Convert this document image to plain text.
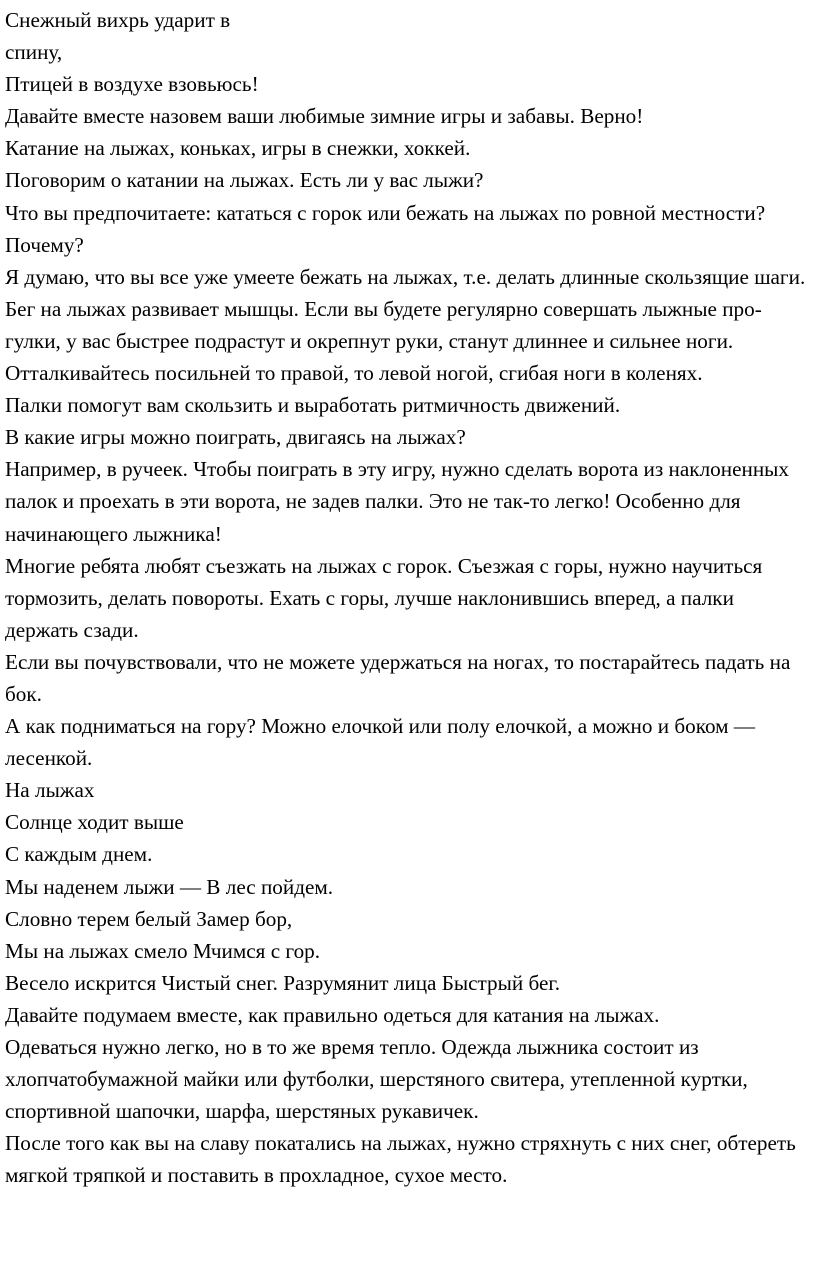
Снежный вихрь ударит в

спину,

Птицей в воздухе взовьюсь!

Давайте вместе назовем ваши любимые зимние игры и забавы. Верно!

Катание на лыжах, коньках, игры в снежки, хоккей.

Поговорим о катании на лыжах. Есть ли у вас лыжи?

Что вы предпочитаете: кататься с горок или бежать на лыжах по ровной местности? Почему?

Я думаю, что вы все уже умеете бежать на лыжах, т.е. делать длинные скользящие шаги. Бег на лыжах развивает мышцы. Если вы будете регулярно совершать лыжные про-

гулки, у вас быстрее подрастут и окрепнут руки, станут длиннее и сильнее ноги.

Отталкивайтесь посильней то правой, то левой ногой, сгибая ноги в коленях.

Палки помогут вам скользить и выработать ритмичность движений.

В какие игры можно поиграть, двигаясь на лыжах?

Например, в ручеек. Чтобы поиграть в эту игру, нужно сделать ворота из наклоненных палок и проехать в эти ворота, не задев палки. Это не так-то легко! Особенно для начинающего лыжника!

Многие ребята любят съезжать на лыжах с горок. Съезжая с горы, нужно научиться тормозить, делать повороты. Ехать с горы, лучше наклонившись вперед, а палки держать сзади.

Если вы почувствовали, что не можете удержаться на ногах, то постарайтесь падать на бок.

А как подниматься на гору? Можно елочкой или полу елочкой, а можно и боком — лесенкой.

На лыжах

Солнце ходит выше

С каждым днем.

Мы наденем лыжи — В лес пойдем.

Словно терем белый Замер бор,

Мы на лыжах смело Мчимся с гор.

Весело искрится Чистый снег. Разрумянит лица Быстрый бег.

Давайте подумаем вместе, как правильно одеться для катания на лыжах.

Одеваться нужно легко, но в то же время тепло. Одежда лыжника состоит из хлопчатобумажной майки или футболки, шерстяного свитера, утепленной куртки, спортивной шапочки, шарфа, шерстяных рукавичек.

После того как вы на славу покатались на лыжах, нужно стряхнуть с них снег, обтереть мягкой тряпкой и поставить в прохладное, сухое место.
